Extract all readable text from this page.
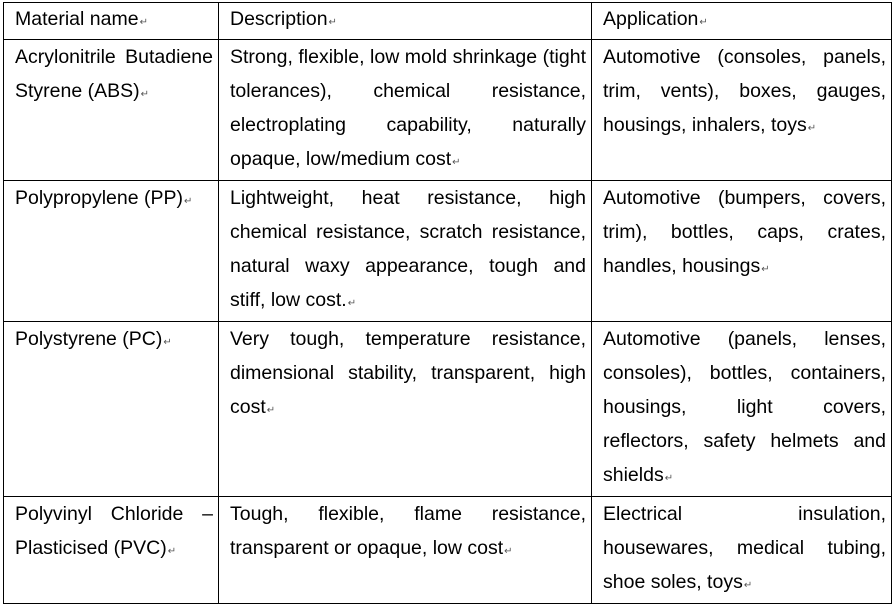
Material name↵	Description↵	Application↵
Acrylonitrile Butadiene Styrene (ABS)↵	Strong, flexible, low mold shrinkage (tight tolerances), chemical resistance, electroplating capability, naturally opaque, low/medium cost↵	Automotive (consoles, panels, trim, vents), boxes, gauges, housings, inhalers, toys↵
Polypropylene (PP)↵	Lightweight, heat resistance, high chemical resistance, scratch resistance, natural waxy appearance, tough and stiff, low cost.↵	Automotive (bumpers, covers, trim), bottles, caps, crates, handles, housings↵
Polystyrene (PC)↵	Very tough, temperature resistance, dimensional stability, transparent, high cost↵	Automotive (panels, lenses, consoles), bottles, containers, housings, light covers, reflectors, safety helmets and shields↵
Polyvinyl Chloride – Plasticised (PVC)↵	Tough, flexible, flame resistance, transparent or opaque, low cost↵	Electrical insulation, housewares, medical tubing, shoe soles, toys↵
